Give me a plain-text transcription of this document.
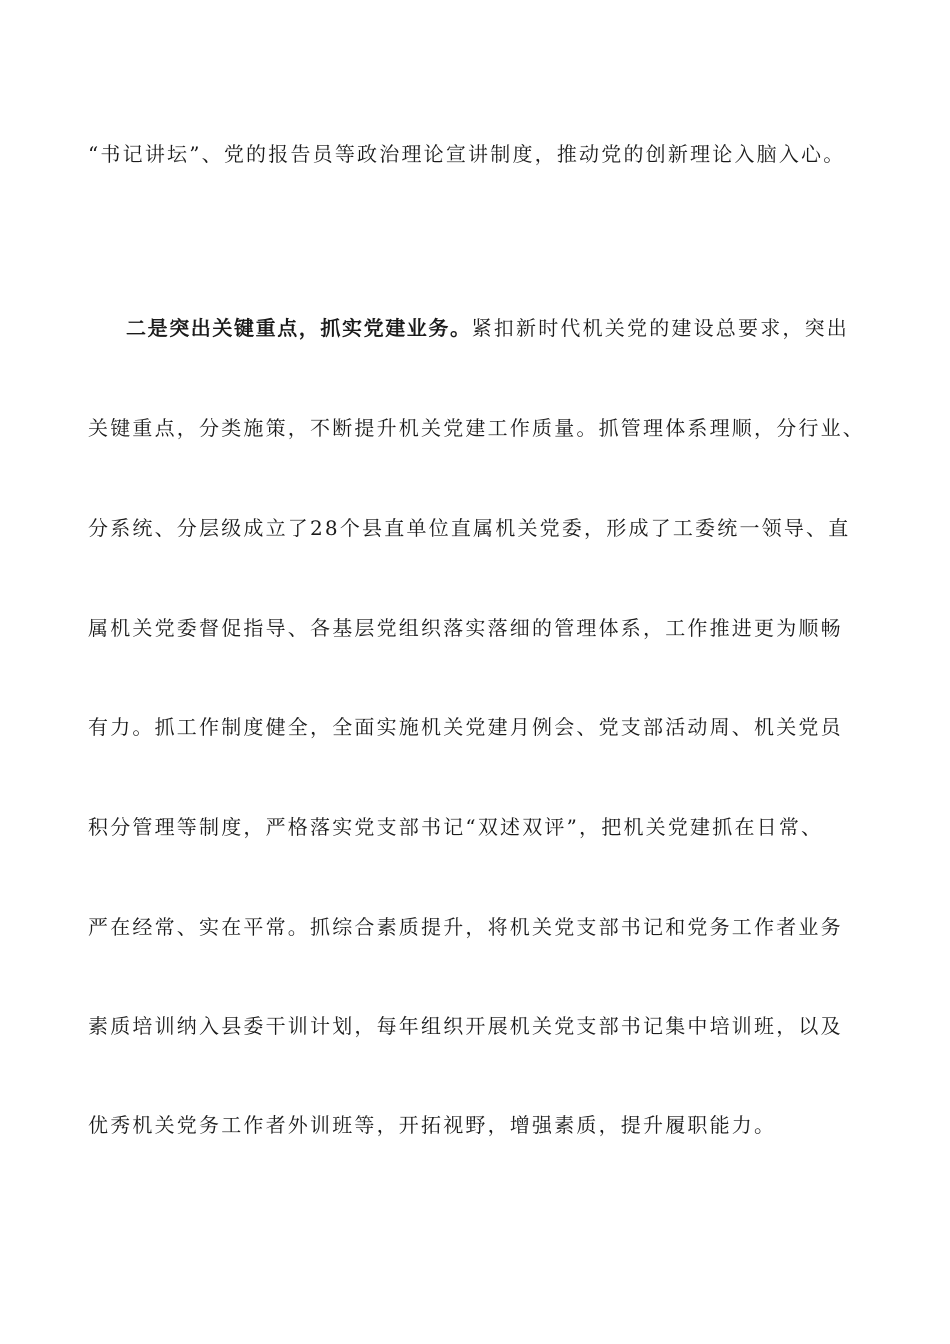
“书记讲坛”、党的报告员等政治理论宣讲制度，推动党的创新理论入脑入心。
二是突出关键重点，抓实党建业务。紧扣新时代机关党的建设总要求，突出
关键重点，分类施策，不断提升机关党建工作质量。抓管理体系理顺，分行业、
分系统、分层级成立了28个县直单位直属机关党委，形成了工委统一领导、直
属机关党委督促指导、各基层党组织落实落细的管理体系，工作推进更为顺畅
有力。抓工作制度健全，全面实施机关党建月例会、党支部活动周、机关党员
积分管理等制度，严格落实党支部书记“双述双评”，把机关党建抓在日常、
严在经常、实在平常。抓综合素质提升，将机关党支部书记和党务工作者业务
素质培训纳入县委干训计划，每年组织开展机关党支部书记集中培训班，以及
优秀机关党务工作者外训班等，开拓视野，增强素质，提升履职能力。
